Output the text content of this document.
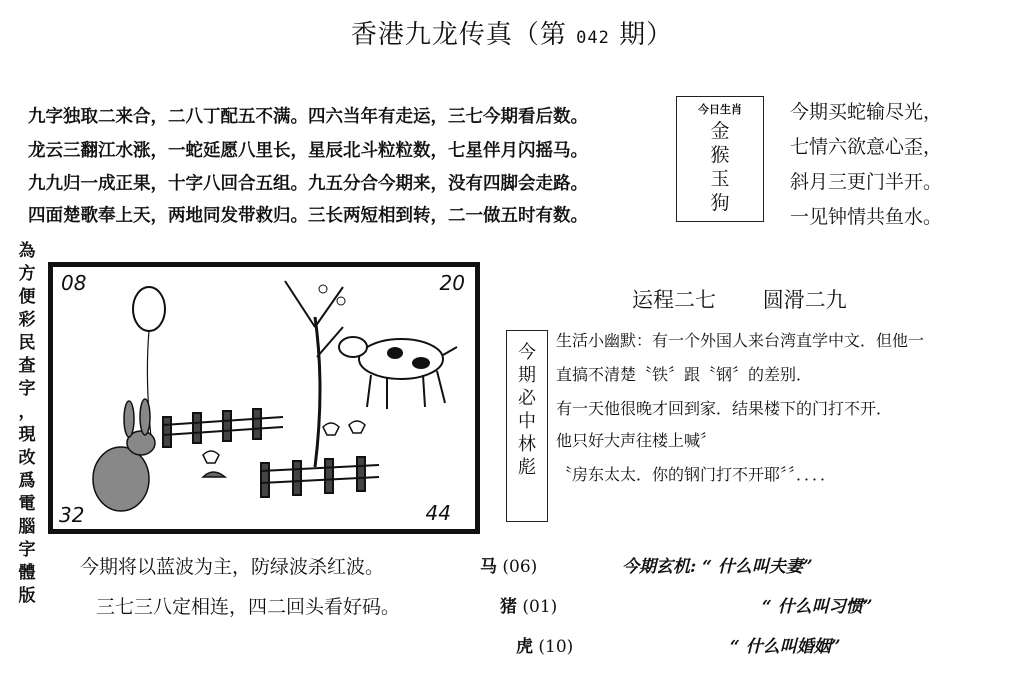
香港九龙传真（第 042 期）
九字独取二来合，二八丁配五不满。四六当年有走运，三七今期看后数。
龙云三翻江水涨，一蛇延愿八里长，星辰北斗粒粒数，七星伴月闪摇马。
九九归一成正果，十字八回合五组。九五分合今期来，没有四脚会走路。
四面楚歌奉上天，两地同发带救归。三长两短相到转，二一做五时有数。
今日生肖
金
猴
玉
狗
今期买蛇输尽光，
七情六欲意心歪，
斜月三更门半开。
一见钟情共鱼水。
為
方
便
彩
民
查
字
，
現
改
爲
電
腦
字
體
版
08	20
32	44
运程二七 圆滑二九
今
期
必
中
林
彪
生活小幽默：有一个外国人来台湾直学中文．但他一
直搞不清楚〝铁〞跟〝钢〞的差别．
有一天他很晚才回到家．结果楼下的门打不开．
他只好大声往楼上喊〞
〝房东太太．你的钢门打不开耶〞〞．．．．
今期将以蓝波为主，防绿波杀红波。
三七三八定相连，四二回头看好码。
马 (06)
猪 (01)
虎 (10)
今期玄机: “ 什么叫夫妻”
“ 什么叫习惯”
“ 什么叫婚姻”
